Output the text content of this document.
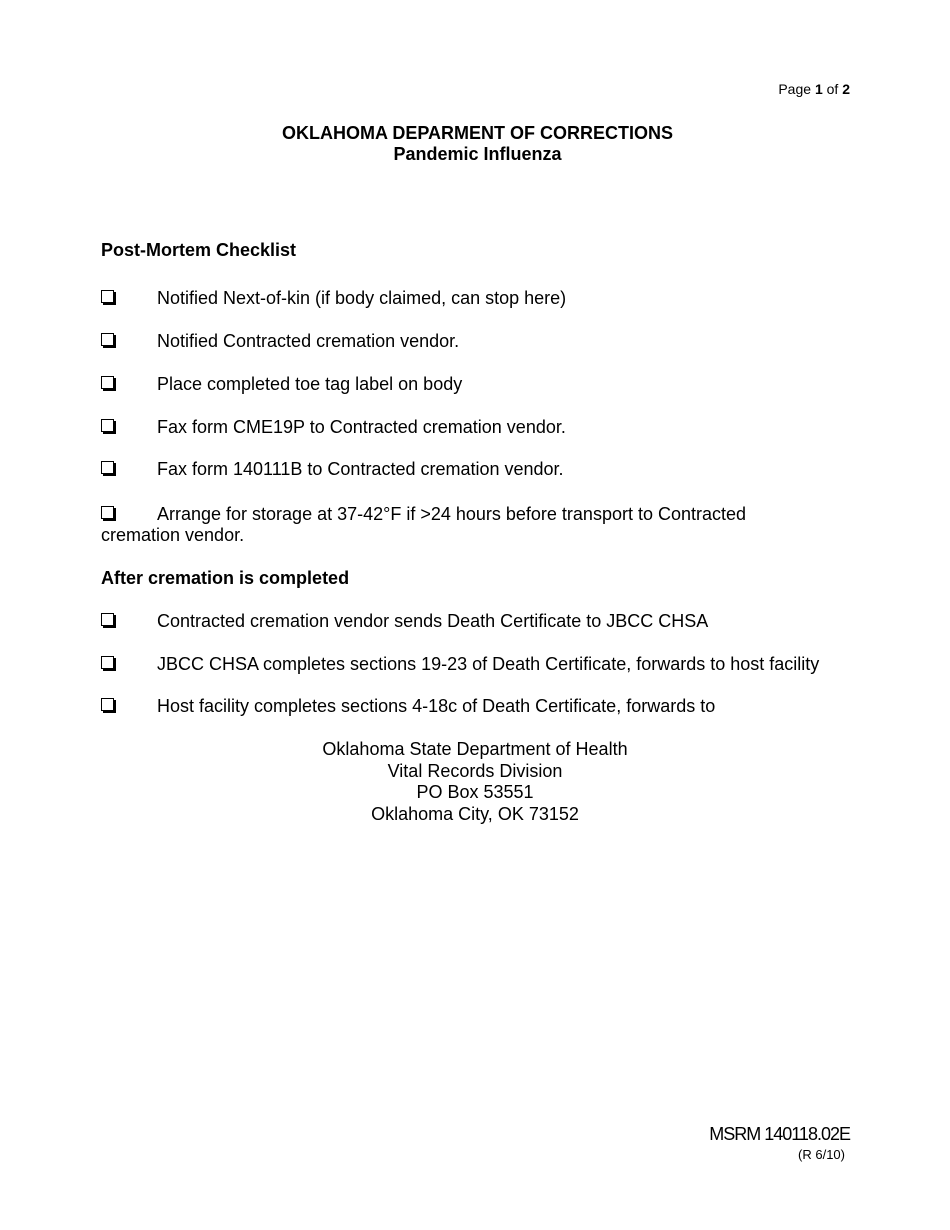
Page 1 of 2
OKLAHOMA DEPARMENT OF CORRECTIONS
Pandemic Influenza
Post-Mortem Checklist
Notified Next-of-kin (if body claimed, can stop here)
Notified Contracted cremation vendor.
Place completed toe tag label on body
Fax form CME19P to Contracted cremation vendor.
Fax form 140111B to Contracted cremation vendor.
Arrange for storage at 37-42°F if >24 hours before transport to Contracted cremation vendor.
After cremation is completed
Contracted cremation vendor sends Death Certificate to JBCC CHSA
JBCC CHSA completes sections 19-23 of Death Certificate, forwards to host facility
Host facility completes sections 4-18c of Death Certificate, forwards to
Oklahoma State Department of Health
Vital Records Division
PO Box 53551
Oklahoma City, OK 73152
MSRM 140118.02E
(R 6/10)
